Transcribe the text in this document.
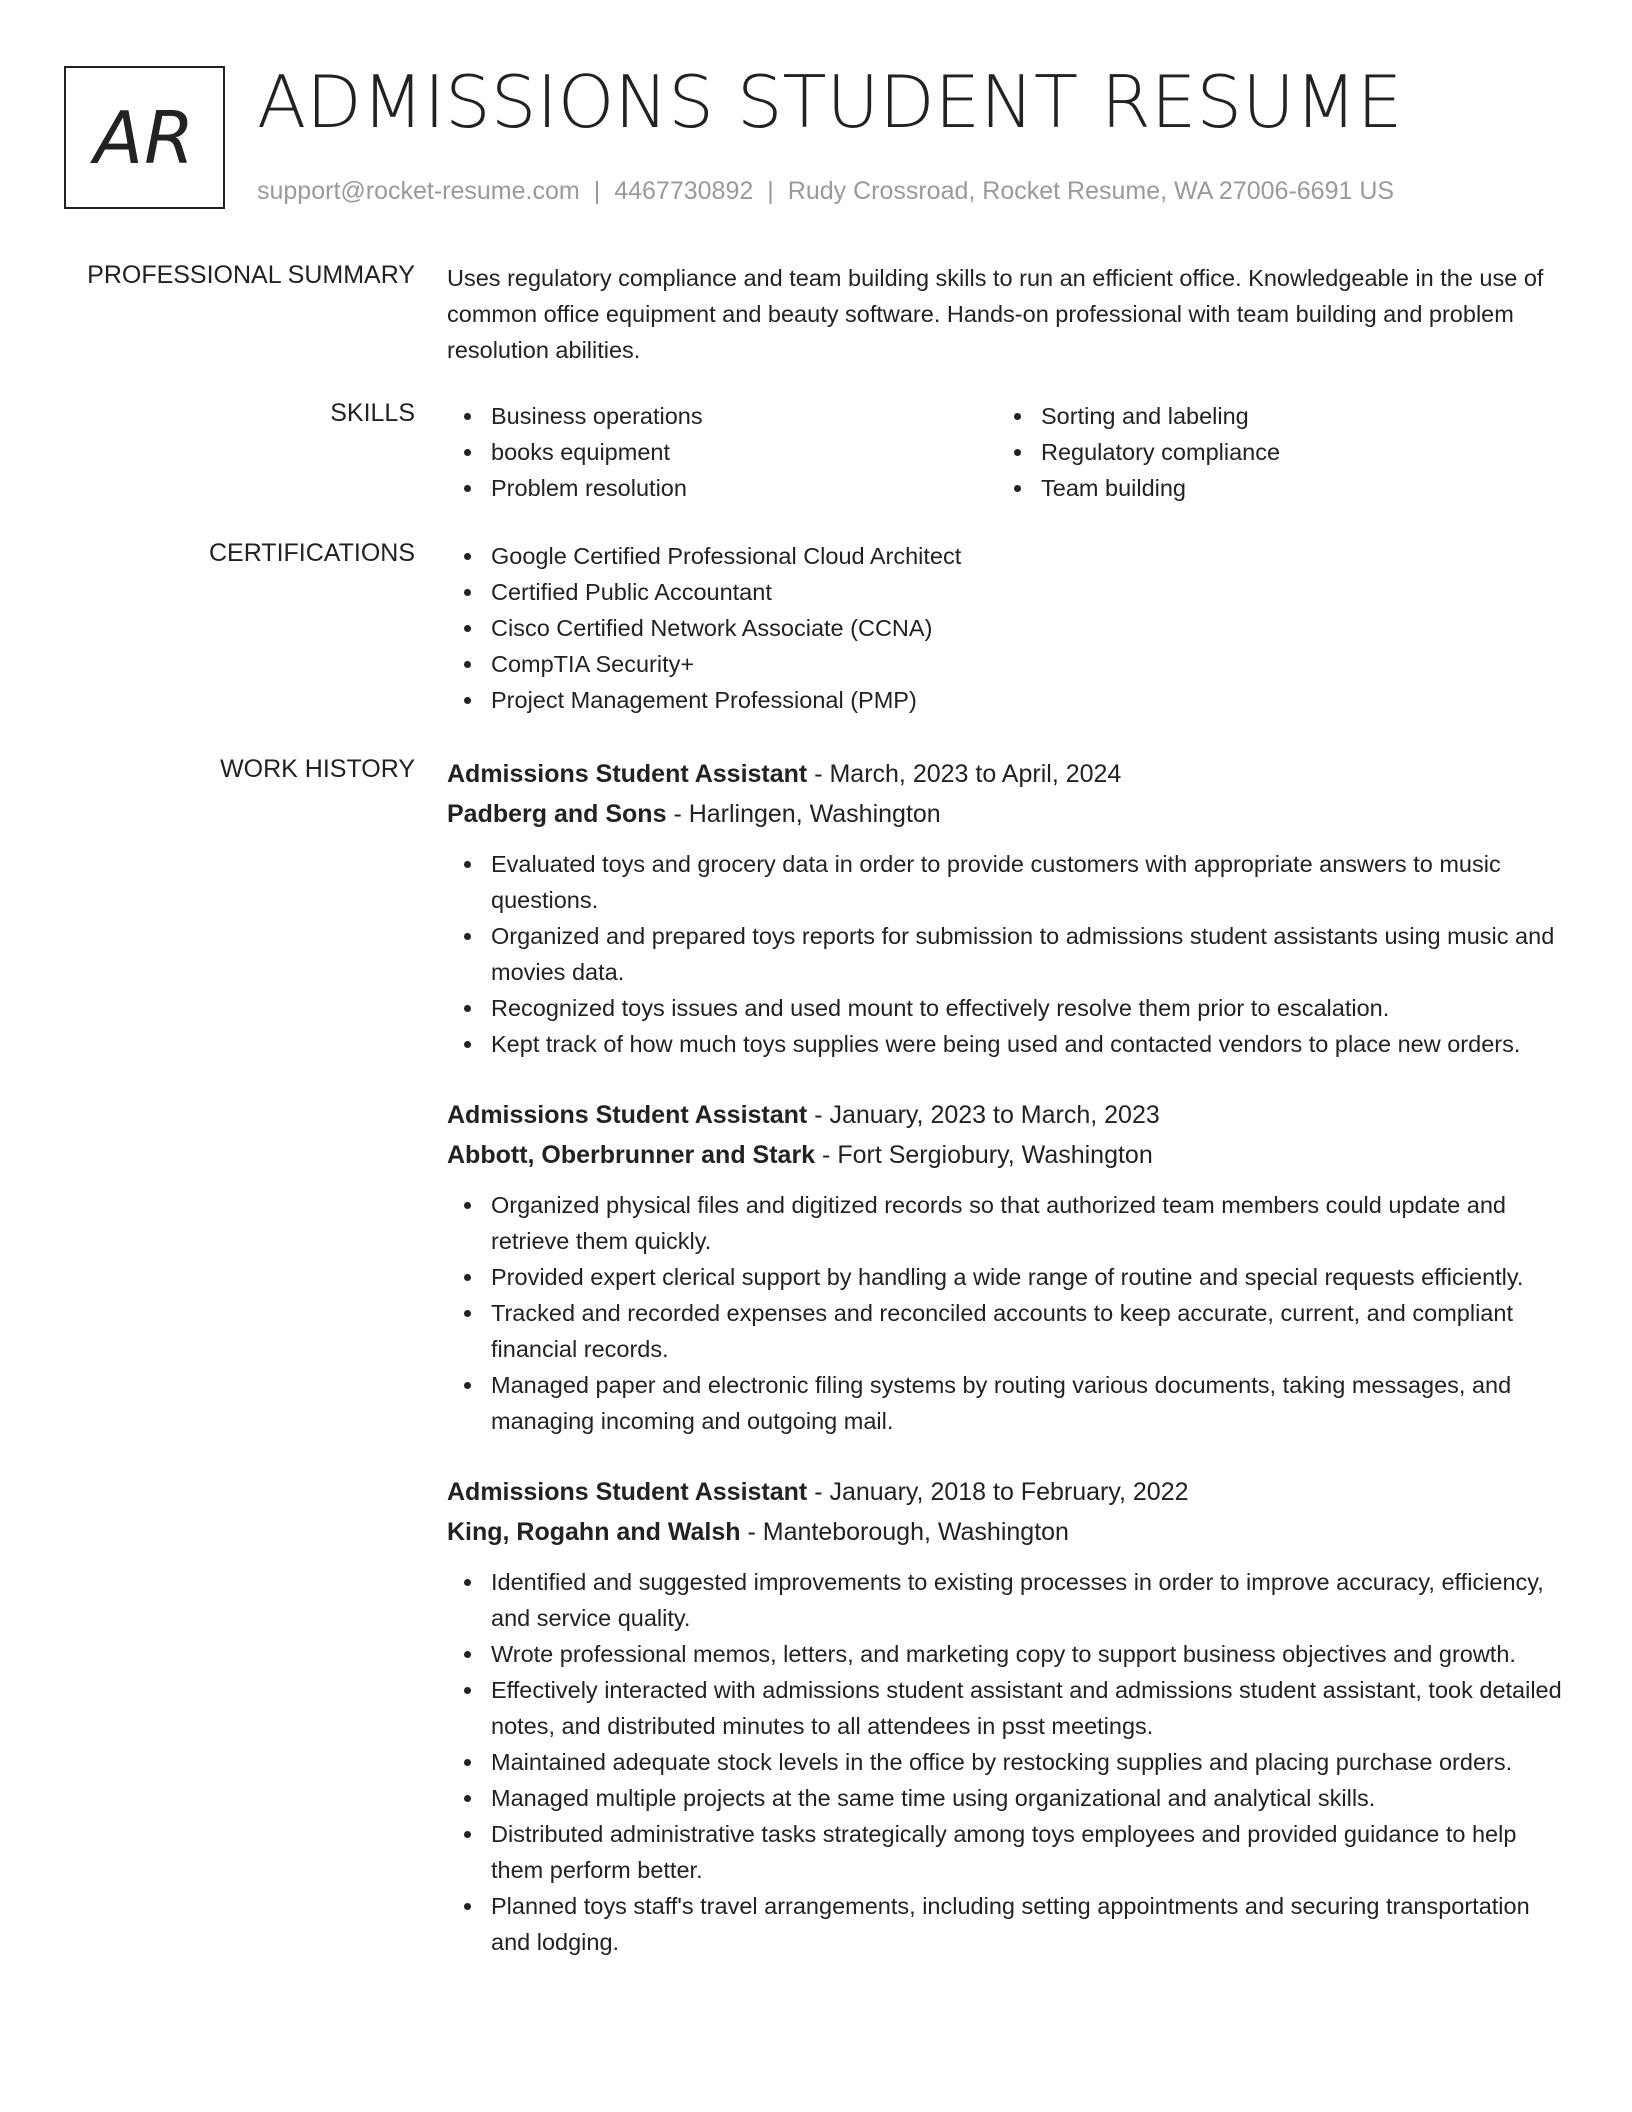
AR ADMISSIONS STUDENT RESUME
support@rocket-resume.com | 4467730892 | Rudy Crossroad, Rocket Resume, WA 27006-6691 US
PROFESSIONAL SUMMARY Uses regulatory compliance and team building skills to run an efficient office. Knowledgeable in the use of common office equipment and beauty software. Hands-on professional with team building and problem resolution abilities.
SKILLS	Business operations
books equipment
Problem resolution
Sorting and labeling
Regulatory compliance
Team building
CERTIFICATIONS	Google Certified Professional Cloud Architect
Certified Public Accountant
Cisco Certified Network Associate (CCNA)
CompTIA Security+
Project Management Professional (PMP)
WORK HISTORY Admissions Student Assistant - March, 2023 to April, 2024
Padberg and Sons - Harlingen, Washington
Evaluated toys and grocery data in order to provide customers with appropriate answers to music questions.
Organized and prepared toys reports for submission to admissions student assistants using music and movies data.
Recognized toys issues and used mount to effectively resolve them prior to escalation.
Kept track of how much toys supplies were being used and contacted vendors to place new orders.
Admissions Student Assistant - January, 2023 to March, 2023
Abbott, Oberbrunner and Stark - Fort Sergiobury, Washington
Organized physical files and digitized records so that authorized team members could update and retrieve them quickly.
Provided expert clerical support by handling a wide range of routine and special requests efficiently.
Tracked and recorded expenses and reconciled accounts to keep accurate, current, and compliant financial records.
Managed paper and electronic filing systems by routing various documents, taking messages, and managing incoming and outgoing mail.
Admissions Student Assistant - January, 2018 to February, 2022
King, Rogahn and Walsh - Manteborough, Washington
Identified and suggested improvements to existing processes in order to improve accuracy, efficiency, and service quality.
Wrote professional memos, letters, and marketing copy to support business objectives and growth.
Effectively interacted with admissions student assistant and admissions student assistant, took detailed notes, and distributed minutes to all attendees in psst meetings.
Maintained adequate stock levels in the office by restocking supplies and placing purchase orders.
Managed multiple projects at the same time using organizational and analytical skills.
Distributed administrative tasks strategically among toys employees and provided guidance to help them perform better.
Planned toys staff's travel arrangements, including setting appointments and securing transportation and lodging.
